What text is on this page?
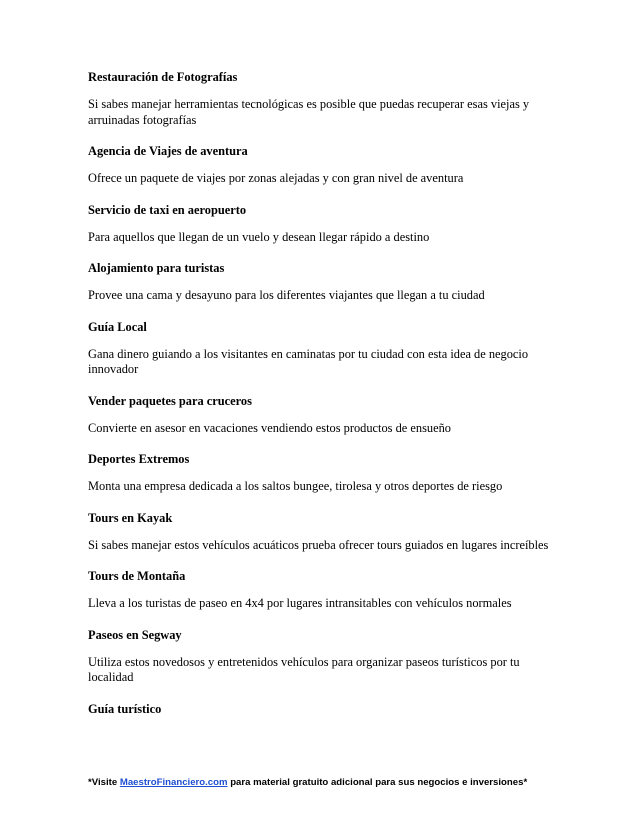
Restauración de Fotografías

Si sabes manejar herramientas tecnológicas es posible que puedas recuperar esas viejas y arruinadas fotografías

Agencia de Viajes de aventura

Ofrece un paquete de viajes por zonas alejadas y con gran nivel de aventura

Servicio de taxi en aeropuerto

Para aquellos que llegan de un vuelo y desean llegar rápido a destino

Alojamiento para turistas

Provee una cama y desayuno para los diferentes viajantes que llegan a tu ciudad

Guía Local

Gana dinero guiando a los visitantes en caminatas por tu ciudad con esta idea de negocio innovador

Vender paquetes para cruceros

Convierte en asesor en vacaciones vendiendo estos productos de ensueño

Deportes Extremos

Monta una empresa dedicada a los saltos bungee, tirolesa y otros deportes de riesgo

Tours en Kayak

Si sabes manejar estos vehículos acuáticos prueba ofrecer tours guiados en lugares increíbles

Tours de Montaña

Lleva a los turistas de paseo en 4x4 por lugares intransitables con vehículos normales

Paseos en Segway

Utiliza estos novedosos y entretenidos vehículos para organizar paseos turísticos por tu localidad

Guía turístico

*Visite MaestroFinanciero.com para material gratuito adicional para sus negocios e inversiones*
